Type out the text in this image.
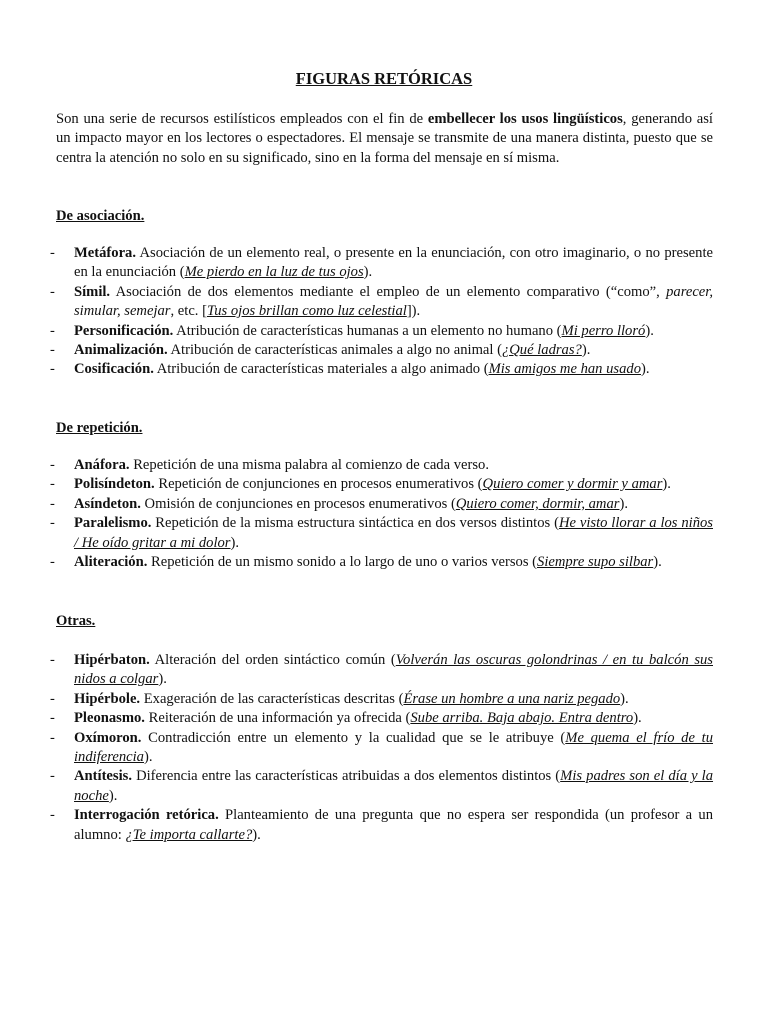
FIGURAS RETÓRICAS

Son una serie de recursos estilísticos empleados con el fin de embellecer los usos lingüísticos, generando así un impacto mayor en los lectores o espectadores. El mensaje se transmite de una manera distinta, puesto que se centra la atención no solo en su significado, sino en la forma del mensaje en sí misma.

De asociación.
- Metáfora. Asociación de un elemento real, o presente en la enunciación, con otro imaginario, o no presente en la enunciación (Me pierdo en la luz de tus ojos).
- Símil. Asociación de dos elementos mediante el empleo de un elemento comparativo (“como”, parecer, simular, semejar, etc. [Tus ojos brillan como luz celestial]).
- Personificación. Atribución de características humanas a un elemento no humano (Mi perro lloró).
- Animalización. Atribución de características animales a algo no animal (¿Qué ladras?).
- Cosificación. Atribución de características materiales a algo animado (Mis amigos me han usado).
De repetición.
- Anáfora. Repetición de una misma palabra al comienzo de cada verso.
- Polisíndeton. Repetición de conjunciones en procesos enumerativos (Quiero comer y dormir y amar).
- Asíndeton. Omisión de conjunciones en procesos enumerativos (Quiero comer, dormir, amar).
- Paralelismo. Repetición de la misma estructura sintáctica en dos versos distintos (He visto llorar a los niños / He oído gritar a mi dolor).
- Aliteración. Repetición de un mismo sonido a lo largo de uno o varios versos (Siempre supo silbar).
Otras.
- Hipérbaton. Alteración del orden sintáctico común (Volverán las oscuras golondrinas / en tu balcón sus nidos a colgar).
- Hipérbole. Exageración de las características descritas (Érase un hombre a una nariz pegado).
- Pleonasmo. Reiteración de una información ya ofrecida (Sube arriba. Baja abajo. Entra dentro).
- Oxímoron. Contradicción entre un elemento y la cualidad que se le atribuye (Me quema el frío de tu indiferencia).
- Antítesis. Diferencia entre las características atribuidas a dos elementos distintos (Mis padres son el día y la noche).
- Interrogación retórica. Planteamiento de una pregunta que no espera ser respondida (un profesor a un alumno: ¿Te importa callarte?).
